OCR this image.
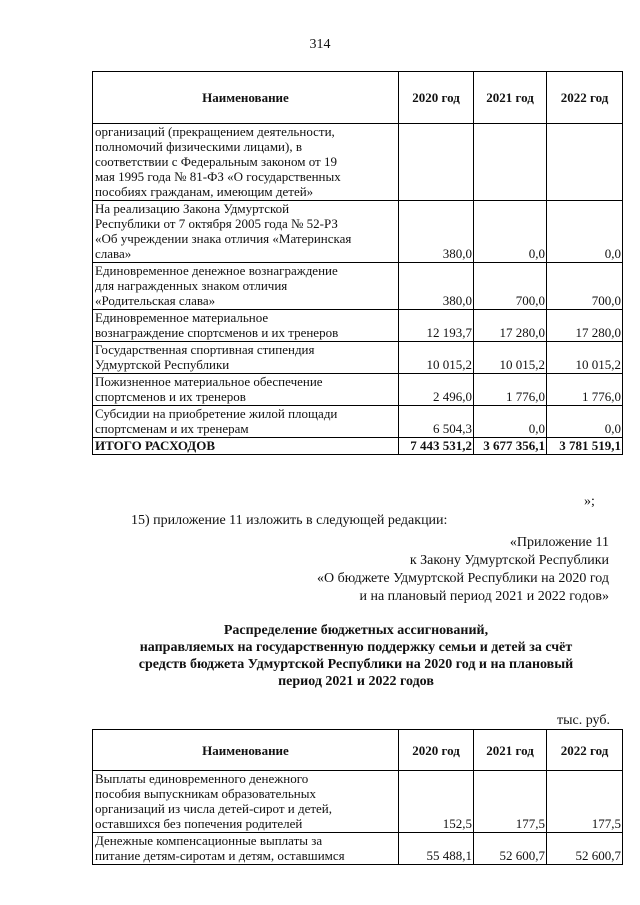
314
Наименование	2020 год	2021 год	2022 год

организаций (прекращением деятельности,
полномочий физическими лицами), в
соответствии с Федеральным законом от 19
мая 1995 года № 81-ФЗ «О государственных
пособиях гражданам, имеющим детей»			

На реализацию Закона Удмуртской
Республики от 7 октября 2005 года № 52-РЗ
«Об учреждении знака отличия «Материнская
слава»	380,0	0,0	0,0

Единовременное денежное вознаграждение
для награжденных знаком отличия
«Родительская слава»	380,0	700,0	700,0

Единовременное материальное
вознаграждение спортсменов и их тренеров	12 193,7	17 280,0	17 280,0

Государственная спортивная стипендия
Удмуртской Республики	10 015,2	10 015,2	10 015,2

Пожизненное материальное обеспечение
спортсменов и их тренеров	2 496,0	1 776,0	1 776,0

Субсидии на приобретение жилой площади
спортсменам и их тренерам	6 504,3	0,0	0,0
ИТОГО РАСХОДОВ	7 443 531,2	3 677 356,1	3 781 519,1
»;
15) приложение 11 изложить в следующей редакции:
«Приложение 11
к Закону Удмуртской Республики
«О бюджете Удмуртской Республики на 2020 год
и на плановый период 2021 и 2022 годов»
Распределение бюджетных ассигнований,
направляемых на государственную поддержку семьи и детей за счёт
средств бюджета Удмуртской Республики на 2020 год и на плановый
период 2021 и 2022 годов
тыс. руб.
Наименование	2020 год	2021 год	2022 год

Выплаты единовременного денежного
пособия выпускникам образовательных
организаций из числа детей-сирот и детей,
оставшихся без попечения родителей	152,5	177,5	177,5

Денежные компенсационные выплаты за
питание детям-сиротам и детям, оставшимся	55 488,1	52 600,7	52 600,7
